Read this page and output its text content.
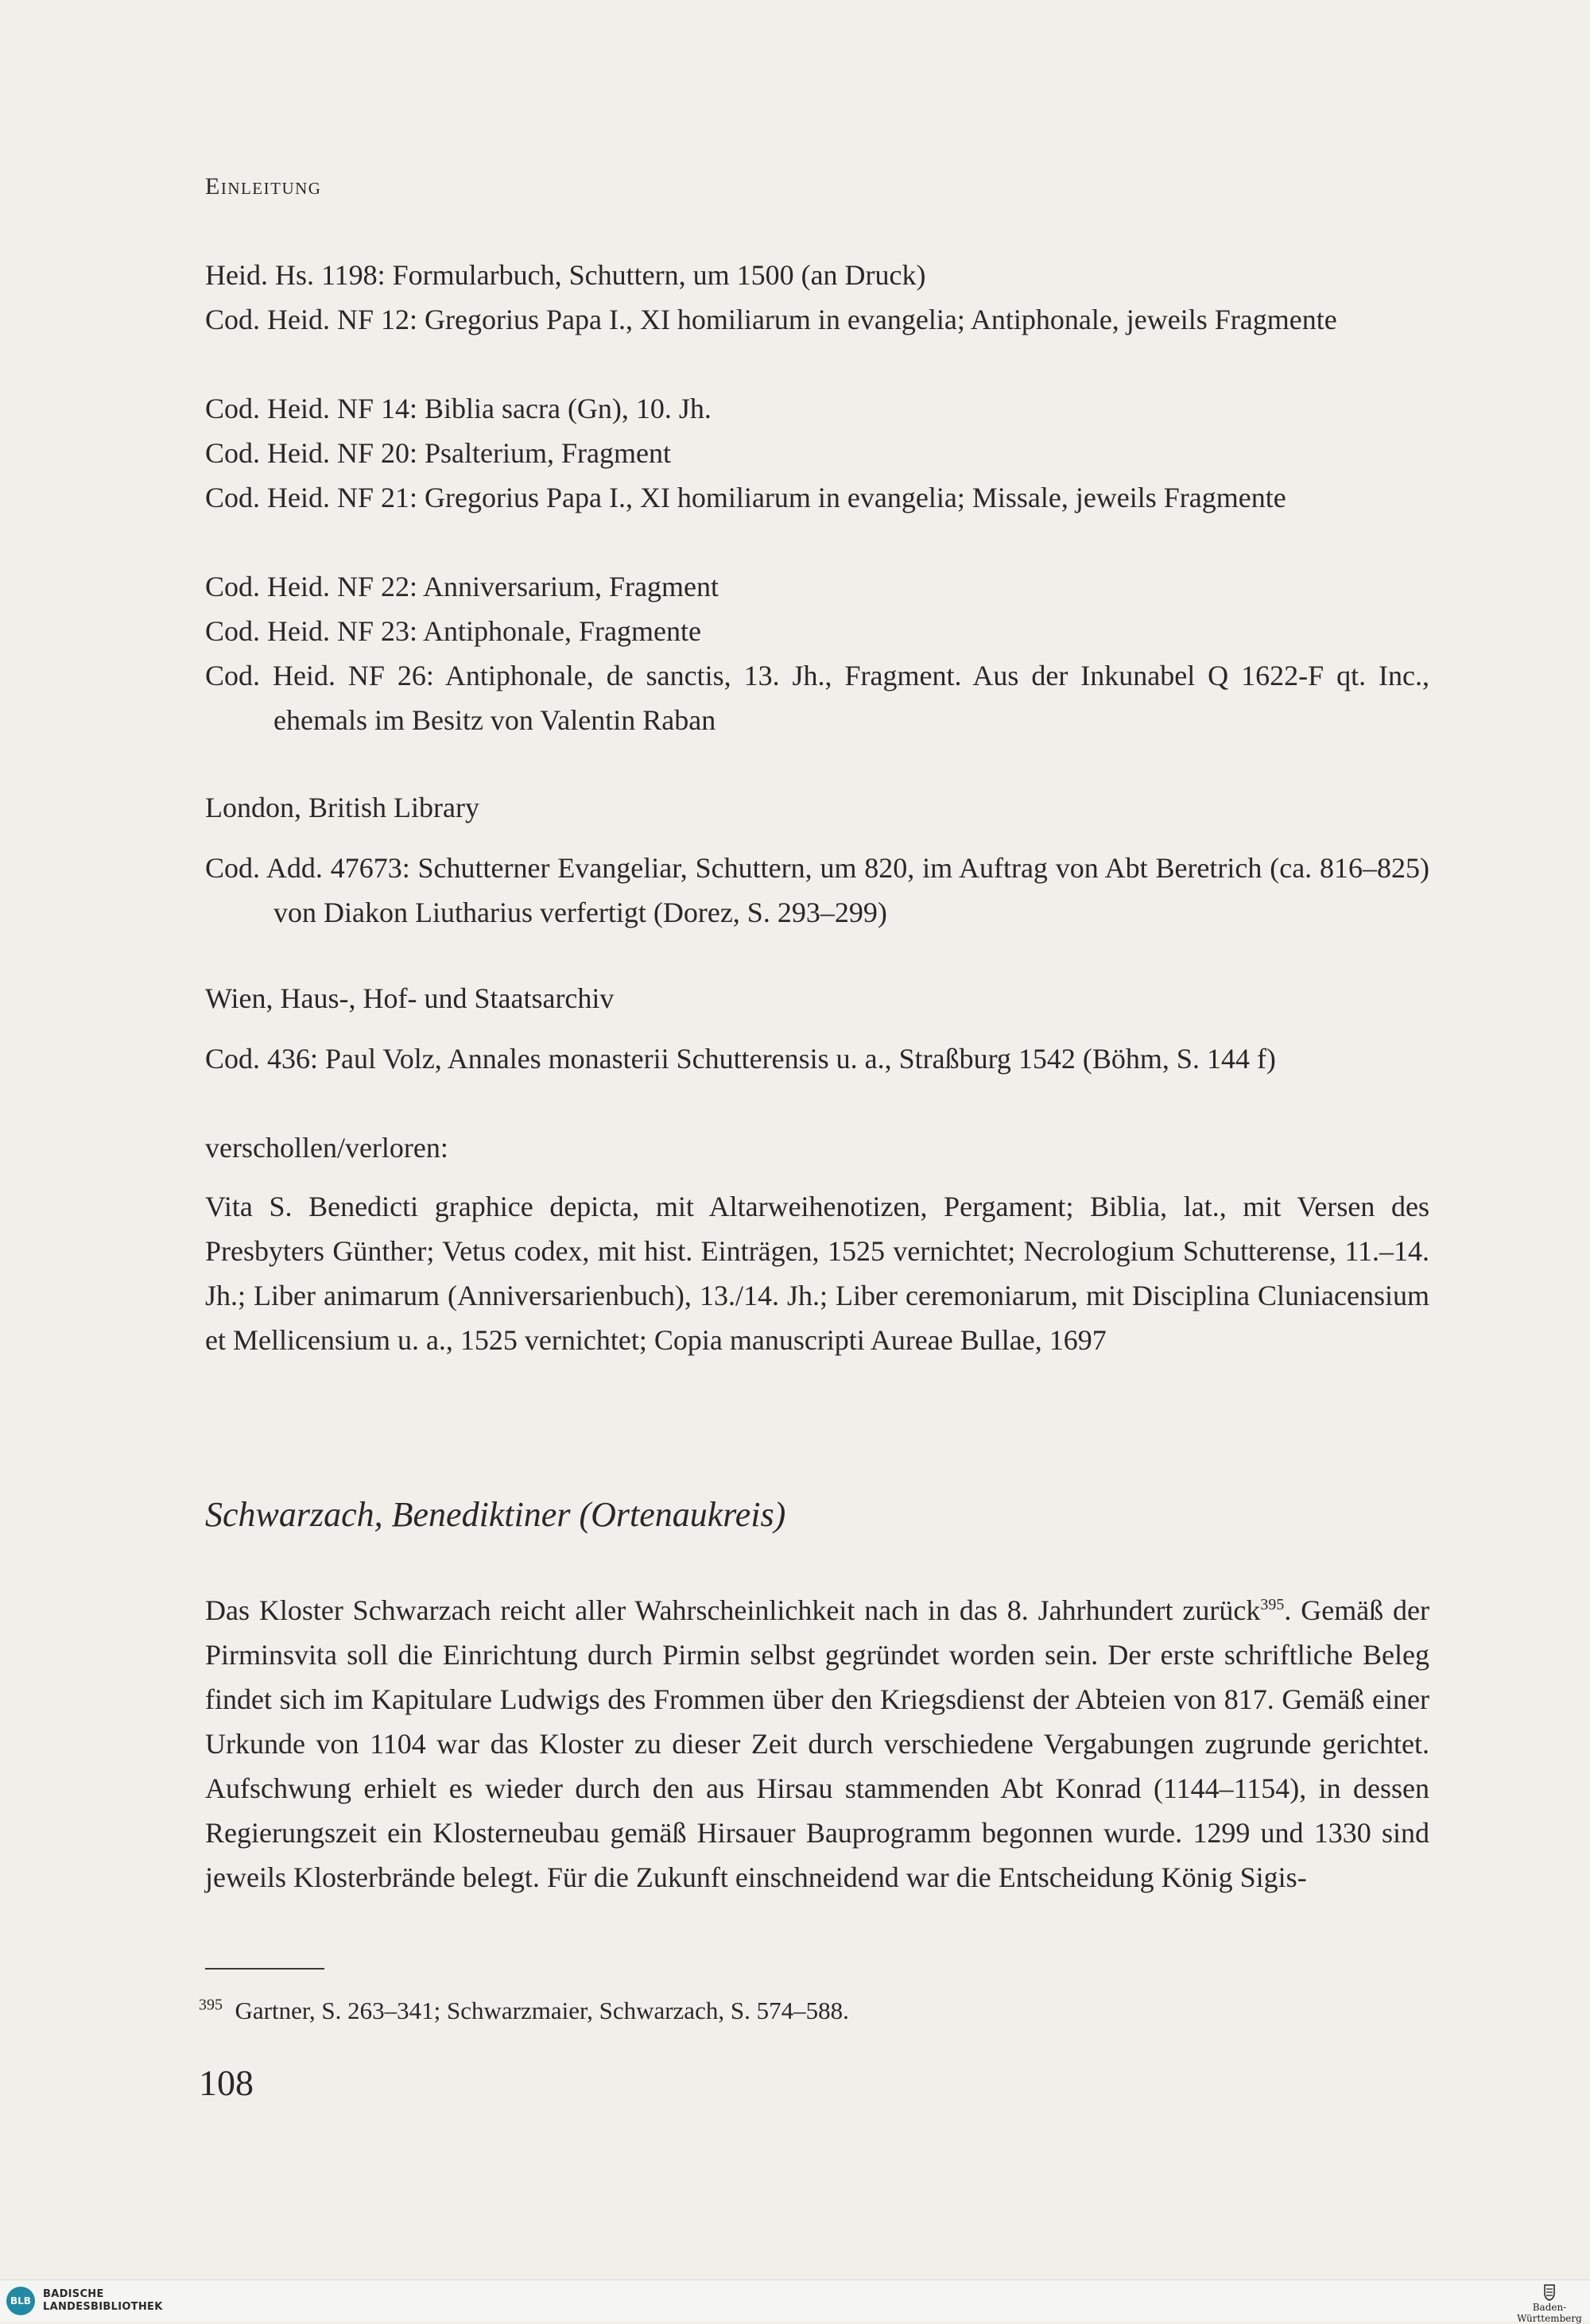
Einleitung
Heid. Hs. 1198: Formularbuch, Schuttern, um 1500 (an Druck)
Cod. Heid. NF 12: Gregorius Papa I., XI homiliarum in evangelia; Antiphonale, jeweils Fragmente
Cod. Heid. NF 14: Biblia sacra (Gn), 10. Jh.
Cod. Heid. NF 20: Psalterium, Fragment
Cod. Heid. NF 21: Gregorius Papa I., XI homiliarum in evangelia; Missale, jeweils Fragmente
Cod. Heid. NF 22: Anniversarium, Fragment
Cod. Heid. NF 23: Antiphonale, Fragmente
Cod. Heid. NF 26: Antiphonale, de sanctis, 13. Jh., Fragment. Aus der Inkunabel Q 1622-F qt. Inc., ehemals im Besitz von Valentin Raban
London, British Library
Cod. Add. 47673: Schutterner Evangeliar, Schuttern, um 820, im Auftrag von Abt Beretrich (ca. 816–825) von Diakon Liutharius verfertigt (Dorez, S. 293–299)
Wien, Haus-, Hof- und Staatsarchiv
Cod. 436: Paul Volz, Annales monasterii Schutterensis u. a., Straßburg 1542 (Böhm, S. 144 f)
verschollen/verloren:
Vita S. Benedicti graphice depicta, mit Altarweihenotizen, Pergament; Biblia, lat., mit Versen des Presbyters Günther; Vetus codex, mit hist. Einträgen, 1525 vernichtet; Necrologium Schutterense, 11.–14. Jh.; Liber animarum (Anniversarienbuch), 13./14. Jh.; Liber ceremoniarum, mit Disciplina Cluniacensium et Mellicensium u. a., 1525 vernichtet; Copia manuscripti Aureae Bullae, 1697
Schwarzach, Benediktiner (Ortenaukreis)
Das Kloster Schwarzach reicht aller Wahrscheinlichkeit nach in das 8. Jahrhundert zurück$^{395}$. Gemäß der Pirminsvita soll die Einrichtung durch Pirmin selbst gegründet worden sein. Der erste schriftliche Beleg findet sich im Kapitulare Ludwigs des Frommen über den Kriegsdienst der Abteien von 817. Gemäß einer Urkunde von 1104 war das Kloster zu dieser Zeit durch verschiedene Vergabungen zugrunde gerichtet. Aufschwung erhielt es wieder durch den aus Hirsau stammenden Abt Konrad (1144–1154), in dessen Regierungszeit ein Klosterneubau gemäß Hirsauer Bauprogramm begonnen wurde. 1299 und 1330 sind jeweils Klosterbrände belegt. Für die Zukunft einschneidend war die Entscheidung König Sigis-
$^{395}$ Gartner, S. 263–341; Schwarzmaier, Schwarzach, S. 574–588.
108
BLB
BADISCHE
LANDESBIBLIOTHEK	Baden-Württemberg
